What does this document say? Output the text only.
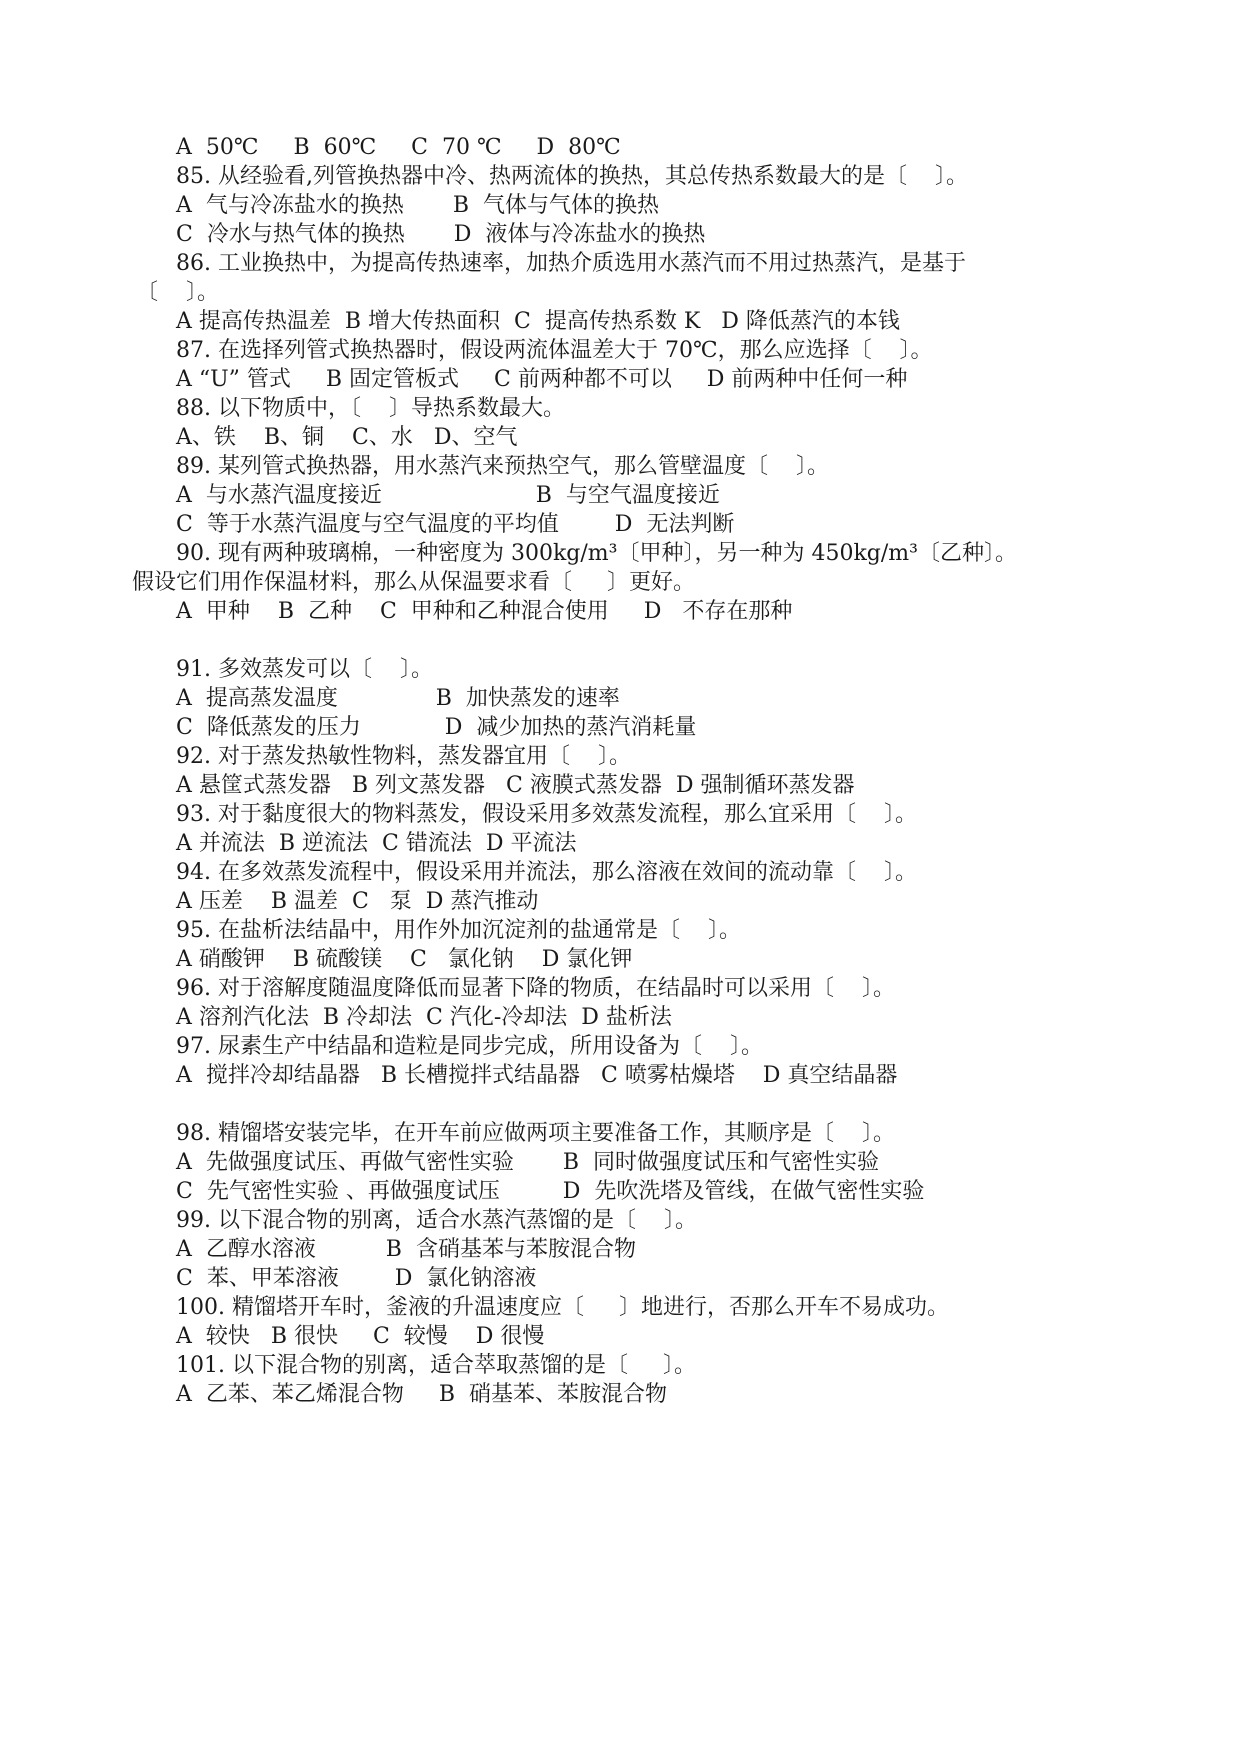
A  50℃     B  60℃     C  70 ℃     D  80℃
85. 从经验看,列管换热器中冷、热两流体的换热，其总传热系数最大的是〔    〕。
A  气与冷冻盐水的换热       B  气体与气体的换热
C  冷水与热气体的换热       D  液体与冷冻盐水的换热
86. 工业换热中，为提高传热速率，加热介质选用水蒸汽而不用过热蒸汽，是基于
〔    〕。
A 提高传热温差  B 增大传热面积  C  提高传热系数 K   D 降低蒸汽的本钱
87. 在选择列管式换热器时，假设两流体温差大于 70℃，那么应选择〔    〕。
A “U” 管式     B 固定管板式     C 前两种都不可以     D 前两种中任何一种
88. 以下物质中，〔    〕导热系数最大。
A、铁    B、铜    C、水   D、空气
89. 某列管式换热器，用水蒸汽来预热空气，那么管壁温度〔    〕。
A  与水蒸汽温度接近                      B  与空气温度接近
C  等于水蒸汽温度与空气温度的平均值        D  无法判断
90. 现有两种玻璃棉，一种密度为 300kg/m³〔甲种〕，另一种为 450kg/m³〔乙种〕。
假设它们用作保温材料，那么从保温要求看〔     〕更好。
A  甲种    B  乙种    C  甲种和乙种混合使用     D   不存在那种
91. 多效蒸发可以〔    〕。
A  提高蒸发温度              B  加快蒸发的速率
C  降低蒸发的压力            D  减少加热的蒸汽消耗量
92. 对于蒸发热敏性物料，蒸发器宜用〔    〕。
A 悬筐式蒸发器   B 列文蒸发器   C 液膜式蒸发器  D 强制循环蒸发器
93. 对于黏度很大的物料蒸发，假设采用多效蒸发流程，那么宜采用〔    〕。
A 并流法  B 逆流法  C 错流法  D 平流法
94. 在多效蒸发流程中，假设采用并流法，那么溶液在效间的流动靠〔    〕。
A 压差    B 温差  C   泵  D 蒸汽推动
95. 在盐析法结晶中，用作外加沉淀剂的盐通常是〔    〕。
A 硝酸钾    B 硫酸镁    C   氯化钠    D 氯化钾
96. 对于溶解度随温度降低而显著下降的物质，在结晶时可以采用〔    〕。
A 溶剂汽化法  B 冷却法  C 汽化-冷却法  D 盐析法
97. 尿素生产中结晶和造粒是同步完成，所用设备为〔    〕。
A  搅拌冷却结晶器   B 长槽搅拌式结晶器   C 喷雾枯燥塔    D 真空结晶器
98. 精馏塔安装完毕，在开车前应做两项主要准备工作，其顺序是〔    〕。
A  先做强度试压、再做气密性实验       B  同时做强度试压和气密性实验
C  先气密性实验 、再做强度试压         D  先吹洗塔及管线，在做气密性实验
99. 以下混合物的别离，适合水蒸汽蒸馏的是〔    〕。
A  乙醇水溶液          B  含硝基苯与苯胺混合物
C  苯、甲苯溶液        D  氯化钠溶液
100. 精馏塔开车时，釜液的升温速度应〔     〕地进行，否那么开车不易成功。
A  较快   B 很快     C  较慢    D 很慢
101. 以下混合物的别离，适合萃取蒸馏的是〔     〕。
A  乙苯、苯乙烯混合物     B  硝基苯、苯胺混合物
